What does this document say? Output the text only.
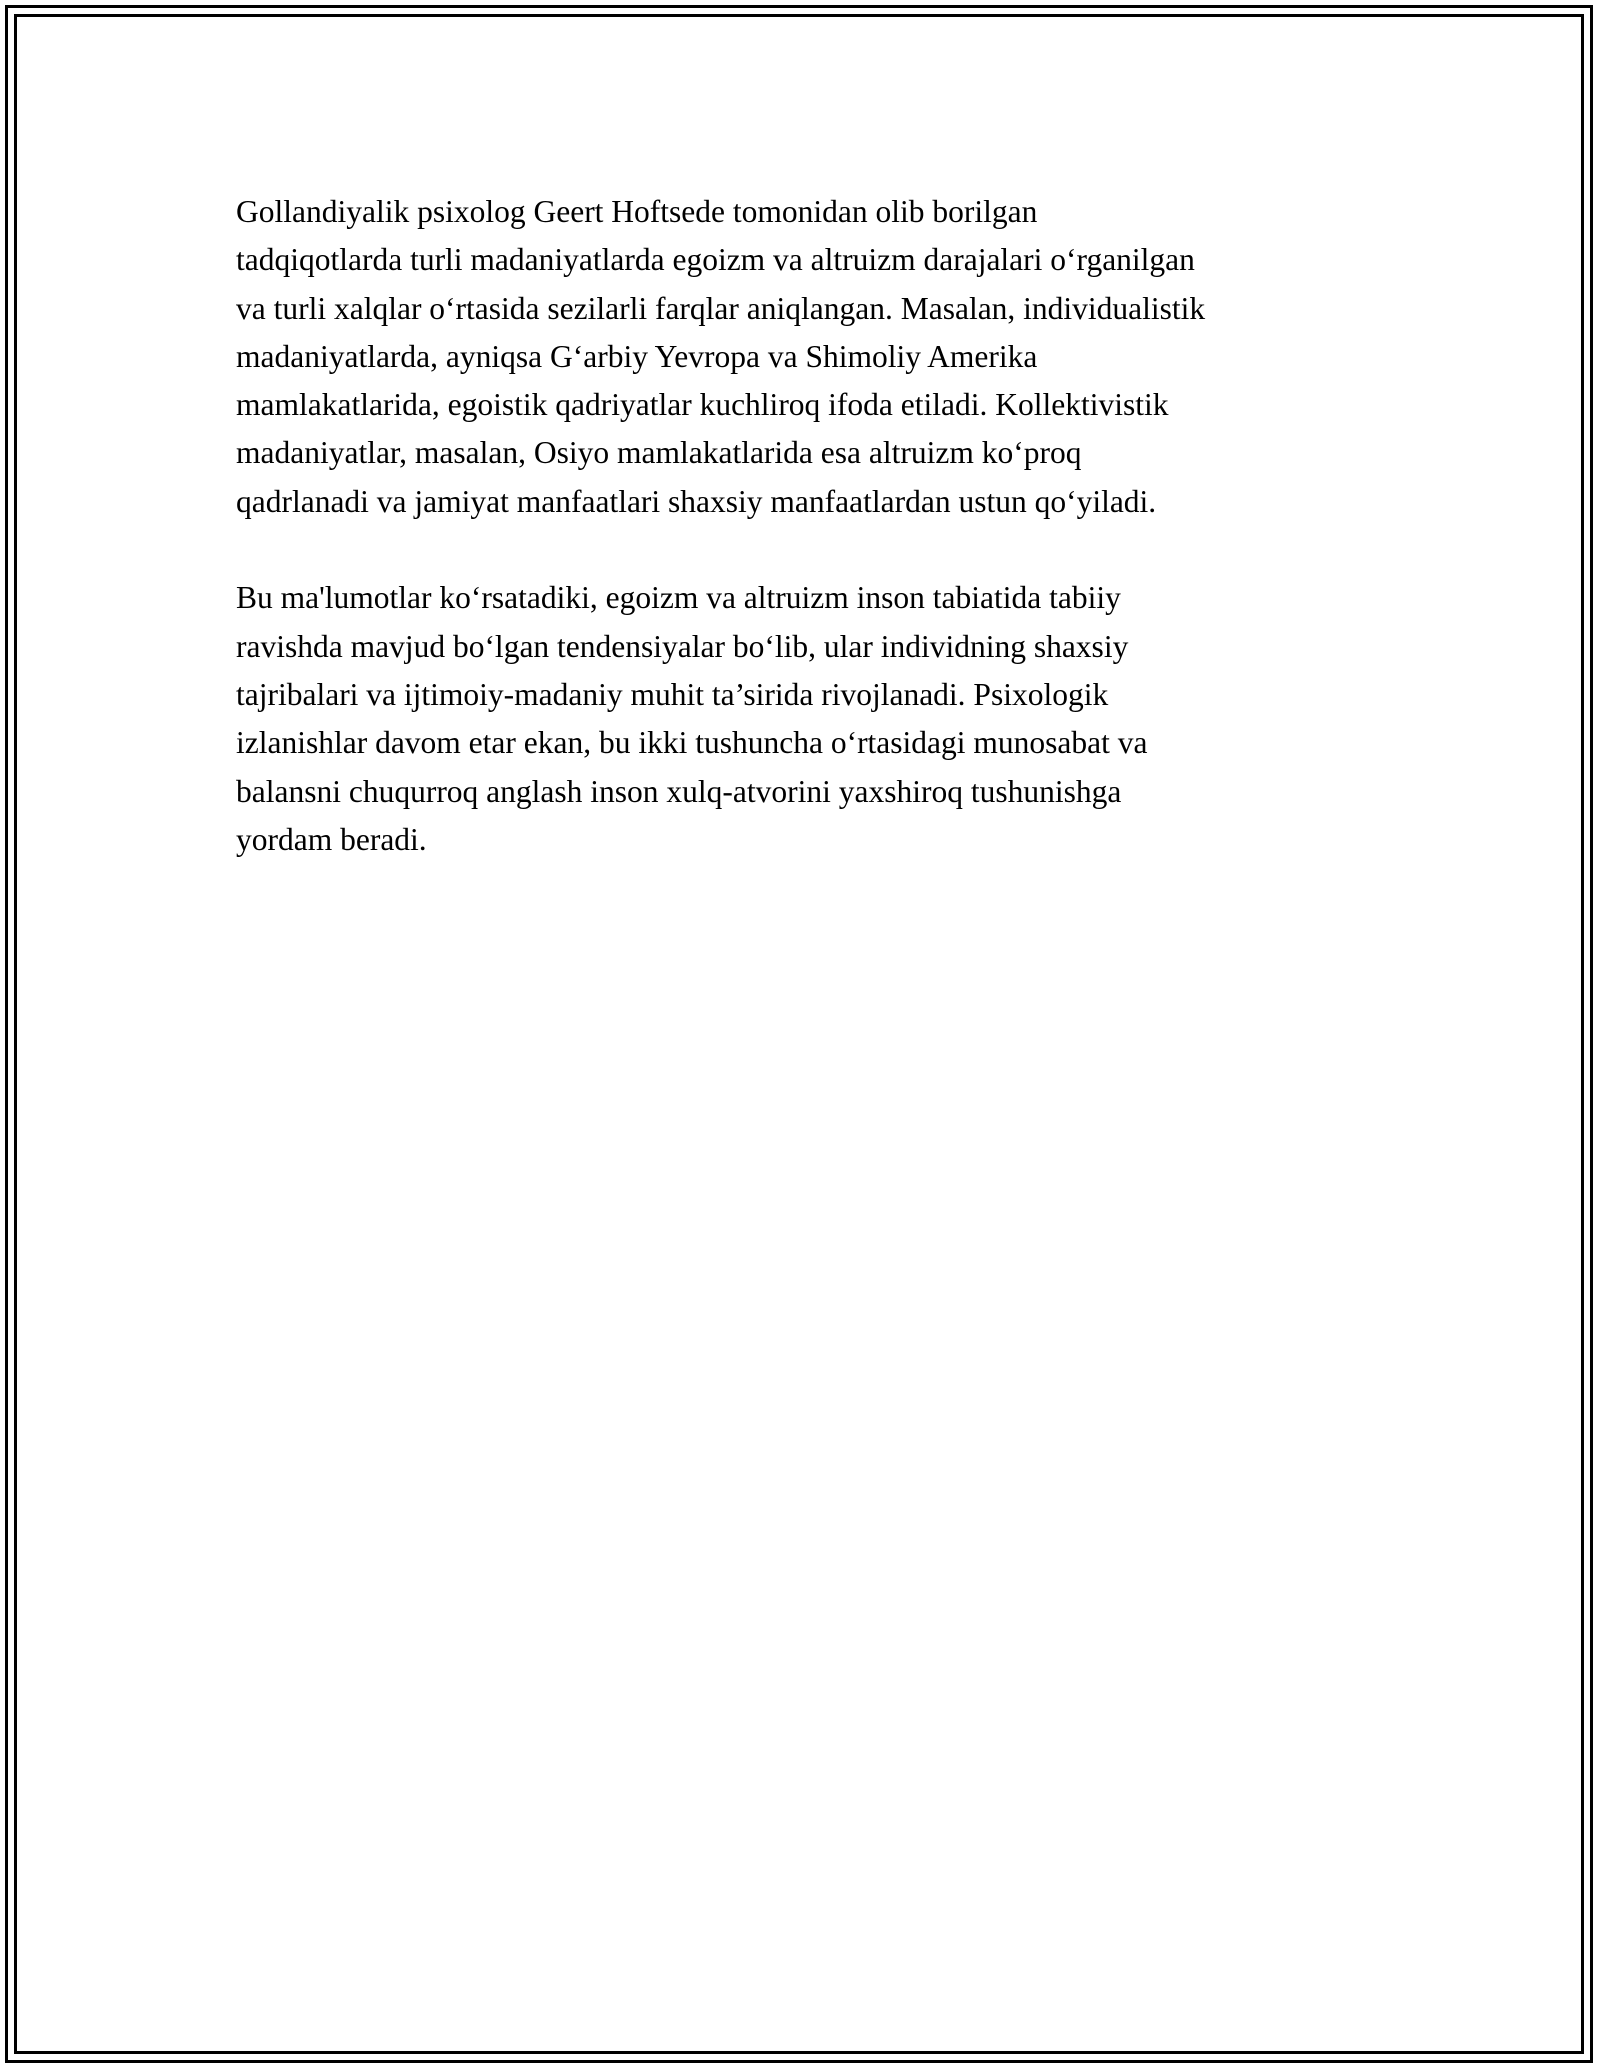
Gollandiyalik psixolog Geert Hoftsede tomonidan olib borilgan
tadqiqotlarda turli madaniyatlarda egoizm va altruizm darajalari o‘rganilgan
va turli xalqlar o‘rtasida sezilarli farqlar aniqlangan. Masalan, individualistik
madaniyatlarda, ayniqsa G‘arbiy Yevropa va Shimoliy Amerika
mamlakatlarida, egoistik qadriyatlar kuchliroq ifoda etiladi. Kollektivistik
madaniyatlar, masalan, Osiyo mamlakatlarida esa altruizm ko‘proq
qadrlanadi va jamiyat manfaatlari shaxsiy manfaatlardan ustun qo‘yiladi.

Bu ma'lumotlar ko‘rsatadiki, egoizm va altruizm inson tabiatida tabiiy
ravishda mavjud bo‘lgan tendensiyalar bo‘lib, ular individning shaxsiy
tajribalari va ijtimoiy-madaniy muhit ta’sirida rivojlanadi. Psixologik
izlanishlar davom etar ekan, bu ikki tushuncha o‘rtasidagi munosabat va
balansni chuqurroq anglash inson xulq-atvorini yaxshiroq tushunishga
yordam beradi.
